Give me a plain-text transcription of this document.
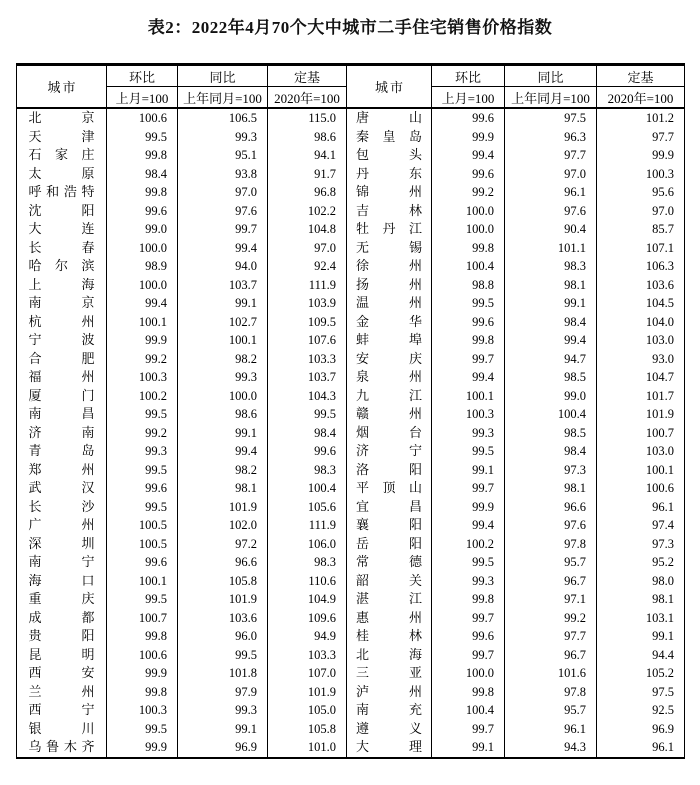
表2：2022年4月70个大中城市二手住宅销售价格指数
城市	环比	同比	定基	城市	环比	同比	定基
	上月=100	上年同月=100	2020年=100		上月=100	上年同月=100	2020年=100

北京	100.6	106.5	115.0	唐山	99.6	97.5	101.2

天津	99.5	99.3	98.6	秦皇岛	99.9	96.3	97.7

石家庄	99.8	95.1	94.1	包头	99.4	97.7	99.9

太原	98.4	93.8	91.7	丹东	99.6	97.0	100.3

呼和浩特	99.8	97.0	96.8	锦州	99.2	96.1	95.6

沈阳	99.6	97.6	102.2	吉林	100.0	97.6	97.0

大连	99.0	99.7	104.8	牡丹江	100.0	90.4	85.7

长春	100.0	99.4	97.0	无锡	99.8	101.1	107.1

哈尔滨	98.9	94.0	92.4	徐州	100.4	98.3	106.3

上海	100.0	103.7	111.9	扬州	98.8	98.1	103.6

南京	99.4	99.1	103.9	温州	99.5	99.1	104.5

杭州	100.1	102.7	109.5	金华	99.6	98.4	104.0

宁波	99.9	100.1	107.6	蚌埠	99.8	99.4	103.0

合肥	99.2	98.2	103.3	安庆	99.7	94.7	93.0

福州	100.3	99.3	103.7	泉州	99.4	98.5	104.7

厦门	100.2	100.0	104.3	九江	100.1	99.0	101.7

南昌	99.5	98.6	99.5	赣州	100.3	100.4	101.9

济南	99.2	99.1	98.4	烟台	99.3	98.5	100.7

青岛	99.3	99.4	99.6	济宁	99.5	98.4	103.0

郑州	99.5	98.2	98.3	洛阳	99.1	97.3	100.1

武汉	99.6	98.1	100.4	平顶山	99.7	98.1	100.6

长沙	99.5	101.9	105.6	宜昌	99.9	96.6	96.1

广州	100.5	102.0	111.9	襄阳	99.4	97.6	97.4

深圳	100.5	97.2	106.0	岳阳	100.2	97.8	97.3

南宁	99.6	96.6	98.3	常德	99.5	95.7	95.2

海口	100.1	105.8	110.6	韶关	99.3	96.7	98.0

重庆	99.5	101.9	104.9	湛江	99.8	97.1	98.1

成都	100.7	103.6	109.6	惠州	99.7	99.2	103.1

贵阳	99.8	96.0	94.9	桂林	99.6	97.7	99.1

昆明	100.6	99.5	103.3	北海	99.7	96.7	94.4

西安	99.9	101.8	107.0	三亚	100.0	101.6	105.2

兰州	99.8	97.9	101.9	泸州	99.8	97.8	97.5

西宁	100.3	99.3	105.0	南充	100.4	95.7	92.5

银川	99.5	99.1	105.8	遵义	99.7	96.1	96.9

乌鲁木齐	99.9	96.9	101.0	大理	99.1	94.3	96.1
